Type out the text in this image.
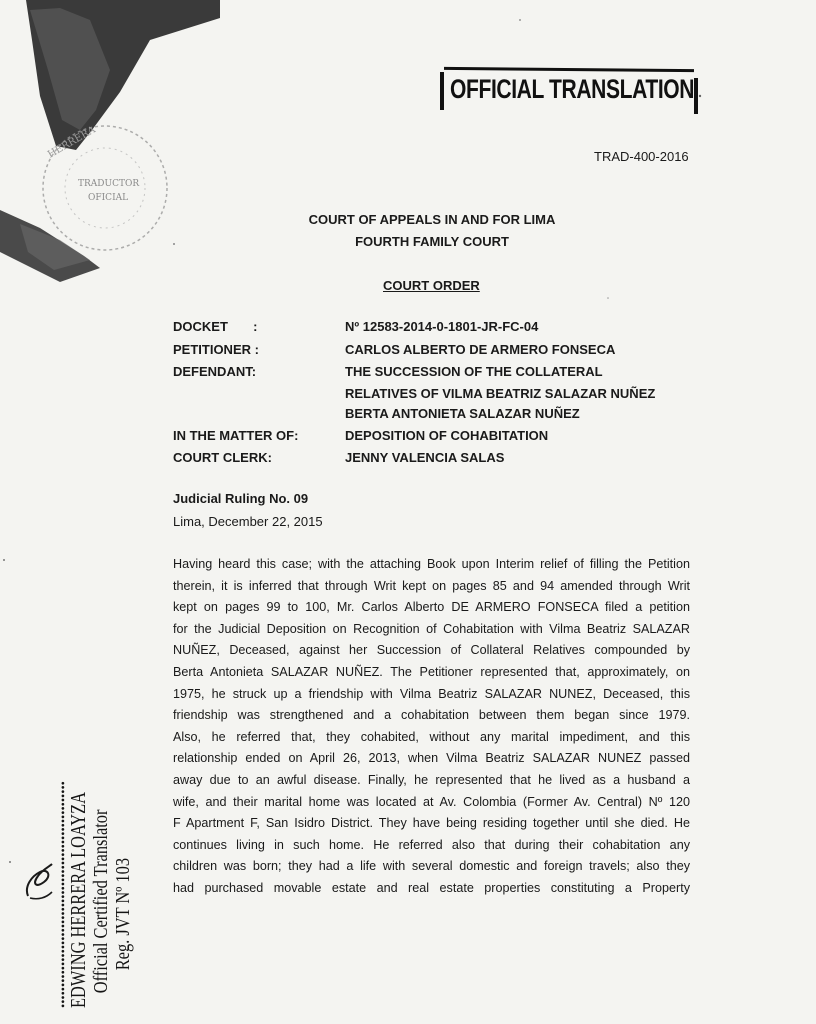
TRADUCTOR
OFICIAL
HERRERA
OFFICIAL TRANSLATION
TRAD-400-2016
COURT OF APPEALS IN AND FOR LIMA
FOURTH FAMILY COURT
COURT ORDER
DOCKET       :	Nº 12583-2014-0-1801-JR-FC-04
PETITIONER :	CARLOS ALBERTO DE ARMERO FONSECA
DEFENDANT:	THE SUCCESSION OF THE COLLATERAL
RELATIVES OF VILMA BEATRIZ SALAZAR NUÑEZ
BERTA ANTONIETA SALAZAR NUÑEZ
IN THE MATTER OF:	DEPOSITION OF COHABITATION
COURT CLERK:	JENNY VALENCIA SALAS
Judicial Ruling No. 09
Lima, December 22, 2015
Having heard this case; with the attaching Book upon Interim relief of filling the Petition
therein, it is inferred that through Writ kept on pages 85 and 94 amended through Writ
kept on pages 99 to 100, Mr. Carlos Alberto DE ARMERO FONSECA filed a petition
for the Judicial Deposition on Recognition of Cohabitation with Vilma Beatriz SALAZAR
NUÑEZ, Deceased, against her Succession of Collateral Relatives compounded by
Berta Antonieta SALAZAR NUÑEZ. The Petitioner represented that, approximately, on
1975, he struck up a friendship with Vilma Beatriz SALAZAR NUNEZ, Deceased, this
friendship was strengthened and a cohabitation between them began since 1979.
Also, he referred that, they cohabited, without any marital impediment, and this
relationship ended on April 26, 2013, when Vilma Beatriz SALAZAR NUNEZ passed
away due to an awful disease. Finally, he represented that he lived as a husband a
wife, and their marital home was located at Av. Colombia (Former Av. Central) Nº 120
F Apartment F, San Isidro District. They have being residing together until she died. He
continues living in such home. He referred also that during their cohabitation any
children was born; they had a life with several domestic and foreign travels; also they
had purchased movable estate and real estate properties constituting a Property
••••••••••••••••••••••••••••••••••••••••••••••••••••••
EDWING HERRERA LOAYZA Official Certified Translator Reg. JVT Nº 103
